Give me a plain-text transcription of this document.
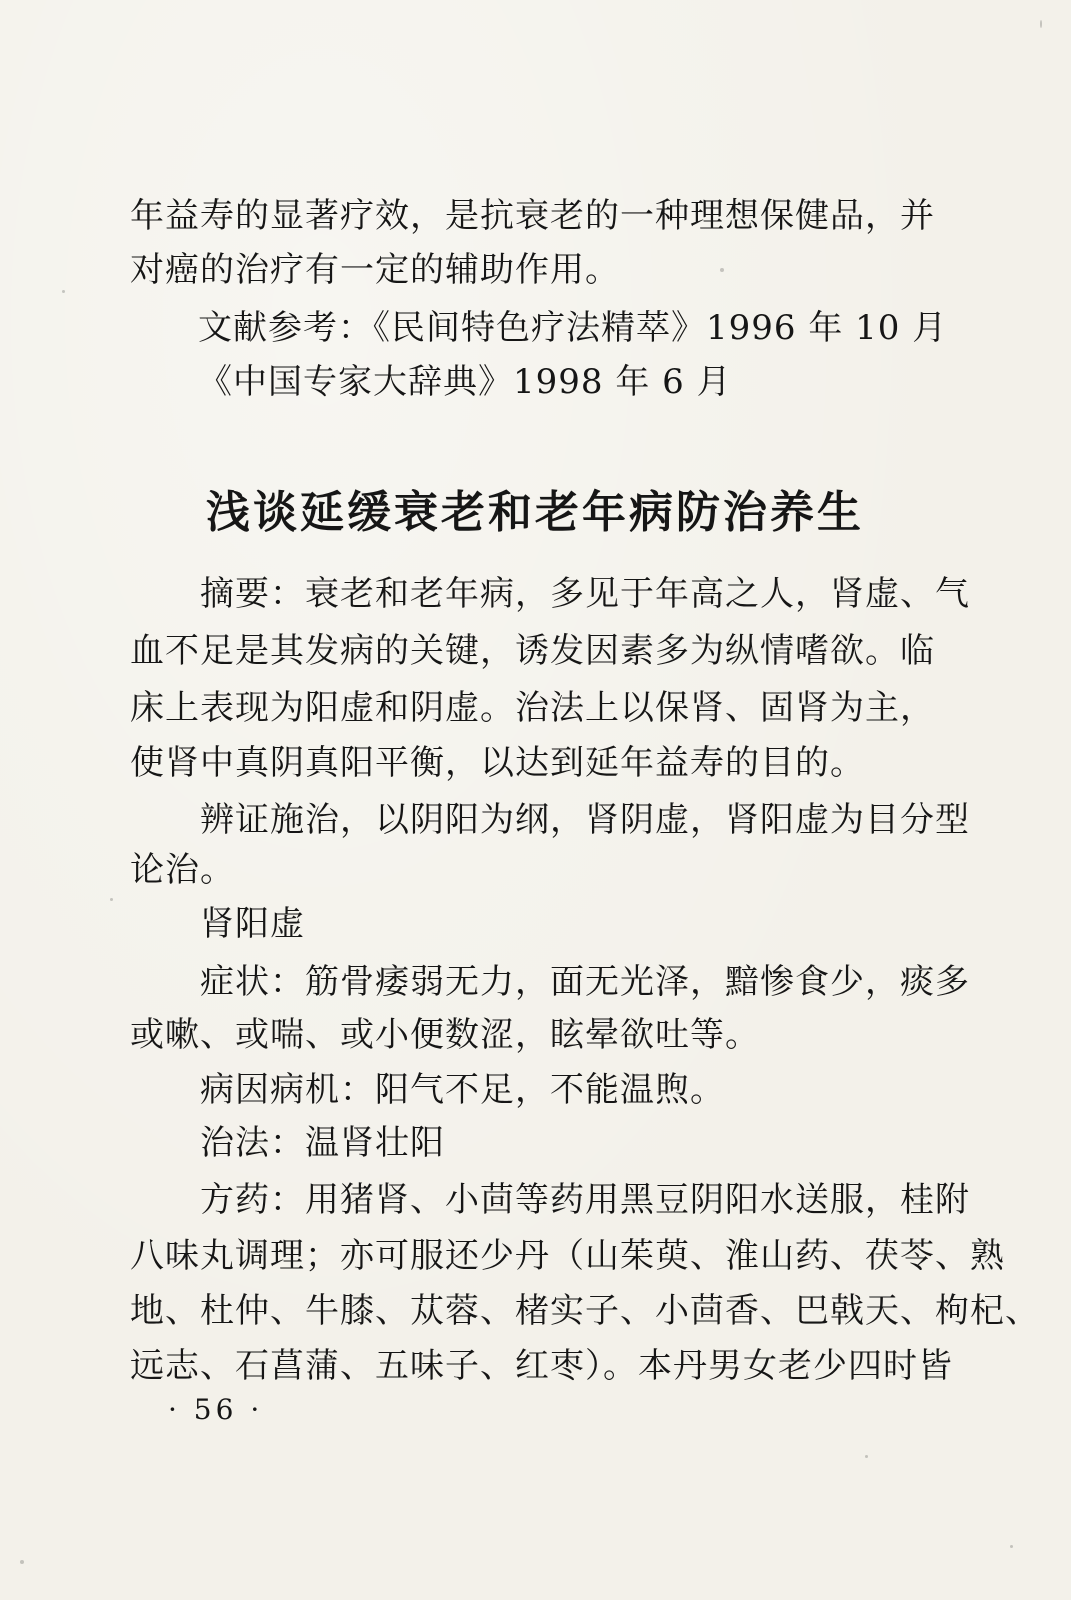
年益寿的显著疗效，是抗衰老的一种理想保健品，并
对癌的治疗有一定的辅助作用。
文献参考：《民间特色疗法精萃》1996 年 10 月
《中国专家大辞典》1998 年 6 月
浅谈延缓衰老和老年病防治养生
摘要：衰老和老年病，多见于年高之人，肾虚、气
血不足是其发病的关键，诱发因素多为纵情嗜欲。临
床上表现为阳虚和阴虚。治法上以保肾、固肾为主，
使肾中真阴真阳平衡，以达到延年益寿的目的。
辨证施治，以阴阳为纲，肾阴虚，肾阳虚为目分型
论治。
肾阳虚
症状：筋骨痿弱无力，面无光泽，黯惨食少，痰多
或嗽、或喘、或小便数涩，眩晕欲吐等。
病因病机：阳气不足，不能温煦。
治法：温肾壮阳
方药：用猪肾、小茴等药用黑豆阴阳水送服，桂附
八味丸调理；亦可服还少丹（山茱萸、淮山药、茯苓、熟
地、杜仲、牛膝、苁蓉、楮实子、小茴香、巴戟天、枸杞、
远志、石菖蒲、五味子、红枣）。本丹男女老少四时皆
· 56 ·
